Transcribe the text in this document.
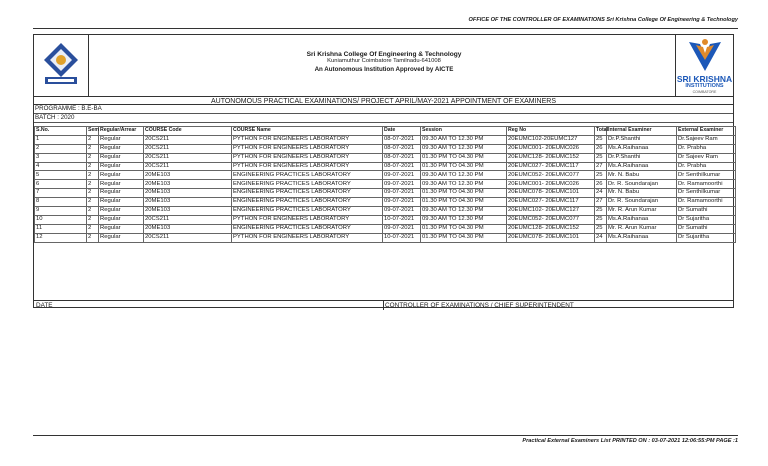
OFFICE OF THE CONTROLLER OF EXAMINATIONS Sri Krishna College Of Engineering & Technology
Sri Krishna College Of Engineering & Technology
Kuniamuthur Coimbatore Tamilnadu-641008
An Autonomous Institution Approved by AICTE
SRI KRISHNA
INSTITUTIONS
COIMBATORE
AUTONOMOUS PRACTICAL EXAMINATIONS/ PROJECT APRIL/MAY-2021 APPOINTMENT OF EXAMINERS
PROGRAMME : B.E-BA
BATCH : 2020
S.No.	Sem	Regular/Arrear	COURSE Code	COURSE Name	Date	Session	Reg No	Total	Internal Examiner	External Examiner
1	2	Regular	20CS211	PYTHON FOR ENGINEERS LABORATORY	08-07-2021	09.30 AM TO 12.30 PM	20EUMC102-20EUMC127	25	Dr.P.Shanthi	Dr.Sajeev Ram
2	2	Regular	20CS211	PYTHON FOR ENGINEERS LABORATORY	08-07-2021	09.30 AM TO 12.30 PM	20EUMC001- 20EUMC026	26	Ms.A.Raihanaa	Dr. Prabha
3	2	Regular	20CS211	PYTHON FOR ENGINEERS LABORATORY	08-07-2021	01.30 PM TO 04.30 PM	20EUMC128- 20EUMC152	25	Dr.P.Shanthi	Dr Sajeev Ram
4	2	Regular	20CS211	PYTHON FOR ENGINEERS LABORATORY	08-07-2021	01.30 PM TO 04.30 PM	20EUMC027- 20EUMC117	27	Ms.A.Raihanaa	Dr. Prabha
5	2	Regular	20ME103	ENGINEERING PRACTICES LABORATORY	09-07-2021	09.30 AM TO 12.30 PM	20EUMC052- 20EUMC077	25	Mr. N. Babu	Dr Senthilkumar
6	2	Regular	20ME103	ENGINEERING PRACTICES LABORATORY	09-07-2021	09.30 AM TO 12.30 PM	20EUMC001- 20EUMC026	26	Dr. R. Soundarajan	Dr. Ramamoorthi
7	2	Regular	20ME103	ENGINEERING PRACTICES LABORATORY	09-07-2021	01.30 PM TO 04.30 PM	20EUMC078- 20EUMC101	24	Mr. N. Babu	Dr Senthilkumar
8	2	Regular	20ME103	ENGINEERING PRACTICES LABORATORY	09-07-2021	01.30 PM TO 04.30 PM	20EUMC027- 20EUMC117	27	Dr. R. Soundarajan	Dr. Ramamoorthi
9	2	Regular	20ME103	ENGINEERING PRACTICES LABORATORY	09-07-2021	09.30 AM TO 12.30 PM	20EUMC102- 20EUMC127	25	Mr. R. Arun Kumar	Dr Sumathi
10	2	Regular	20CS211	PYTHON FOR ENGINEERS LABORATORY	10-07-2021	09.30 AM TO 12.30 PM	20EUMC052- 20EUMC077	25	Ms.A.Raihanaa	Dr Sujaritha
11	2	Regular	20ME103	ENGINEERING PRACTICES LABORATORY	09-07-2021	01.30 PM TO 04.30 PM	20EUMC128- 20EUMC152	25	Mr. R. Arun Kumar	Dr Sumathi
12	2	Regular	20CS211	PYTHON FOR ENGINEERS LABORATORY	10-07-2021	01.30 PM TO 04.30 PM	20EUMC078- 20EUMC101	24	Ms.A.Raihanaa	Dr Sujaritha
DATE	CONTROLLER OF EXAMINATIONS / CHIEF SUPERINTENDENT
Practical External Examiners List PRINTED ON : 03-07-2021 12:06:55:PM PAGE :1
